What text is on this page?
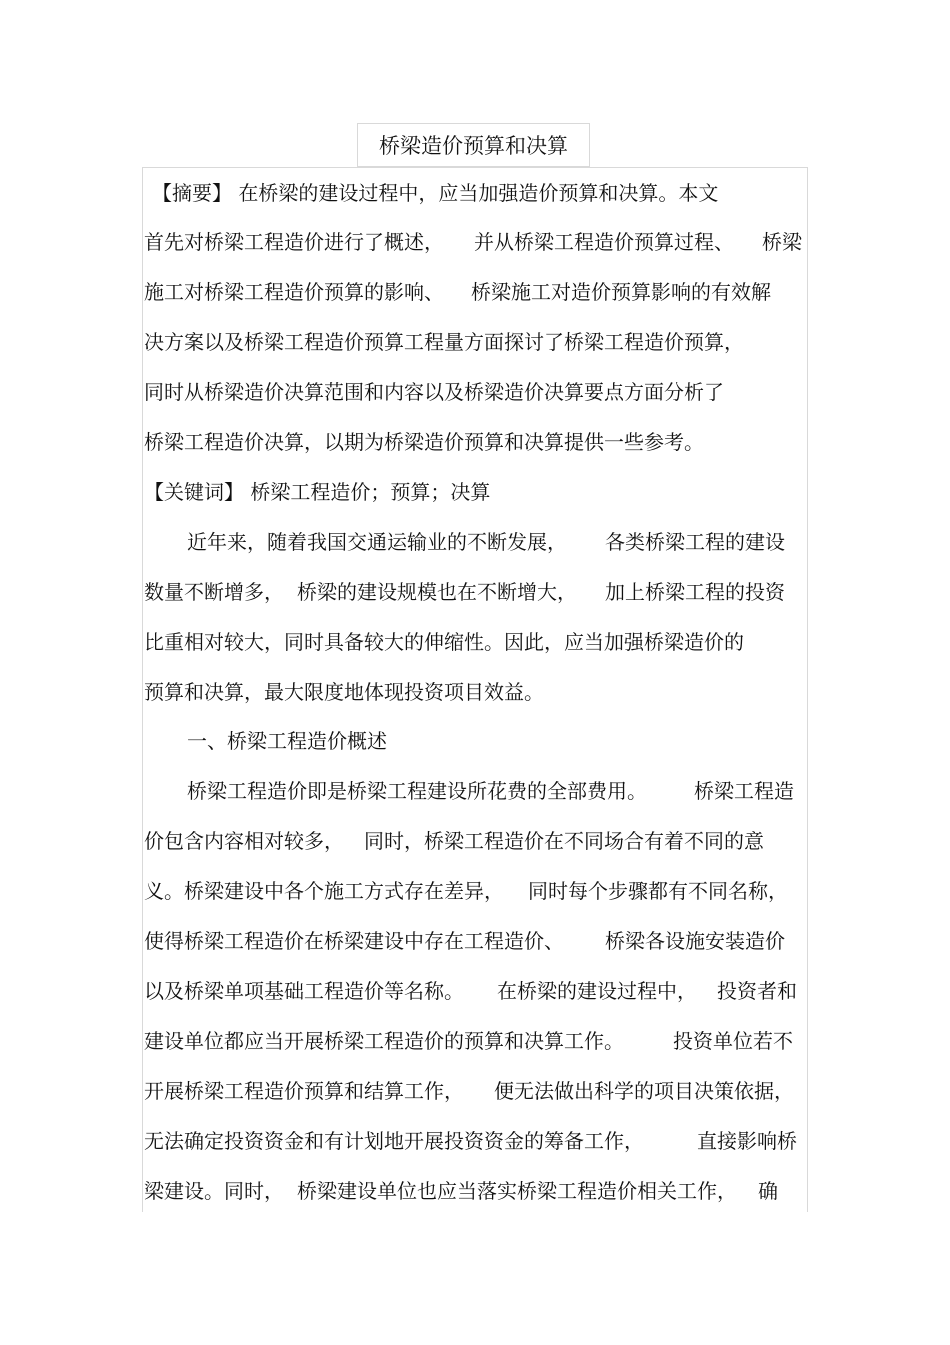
桥梁造价预算和决算
【摘要】 在桥梁的建设过程中，应当加强造价预算和决算。本文
首先对桥梁工程造价进行了概述， 并从桥梁工程造价预算过程、 桥梁
施工对桥梁工程造价预算的影响、 桥梁施工对造价预算影响的有效解
决方案以及桥梁工程造价预算工程量方面探讨了桥梁工程造价预算，
同时从桥梁造价决算范围和内容以及桥梁造价决算要点方面分析了
桥梁工程造价决算，以期为桥梁造价预算和决算提供一些参考。
【关键词】 桥梁工程造价；预算；决算
近年来，随着我国交通运输业的不断发展， 各类桥梁工程的建设
数量不断增多， 桥梁的建设规模也在不断增大， 加上桥梁工程的投资
比重相对较大，同时具备较大的伸缩性。因此，应当加强桥梁造价的
预算和决算，最大限度地体现投资项目效益。
一、桥梁工程造价概述
桥梁工程造价即是桥梁工程建设所花费的全部费用。 桥梁工程造
价包含内容相对较多， 同时，桥梁工程造价在不同场合有着不同的意
义。桥梁建设中各个施工方式存在差异， 同时每个步骤都有不同名称，
使得桥梁工程造价在桥梁建设中存在工程造价、 桥梁各设施安装造价
以及桥梁单项基础工程造价等名称。 在桥梁的建设过程中， 投资者和
建设单位都应当开展桥梁工程造价的预算和决算工作。 投资单位若不
开展桥梁工程造价预算和结算工作， 便无法做出科学的项目决策依据，
无法确定投资资金和有计划地开展投资资金的筹备工作，	直接影响桥
梁建设。同时， 桥梁建设单位也应当落实桥梁工程造价相关工作， 确
